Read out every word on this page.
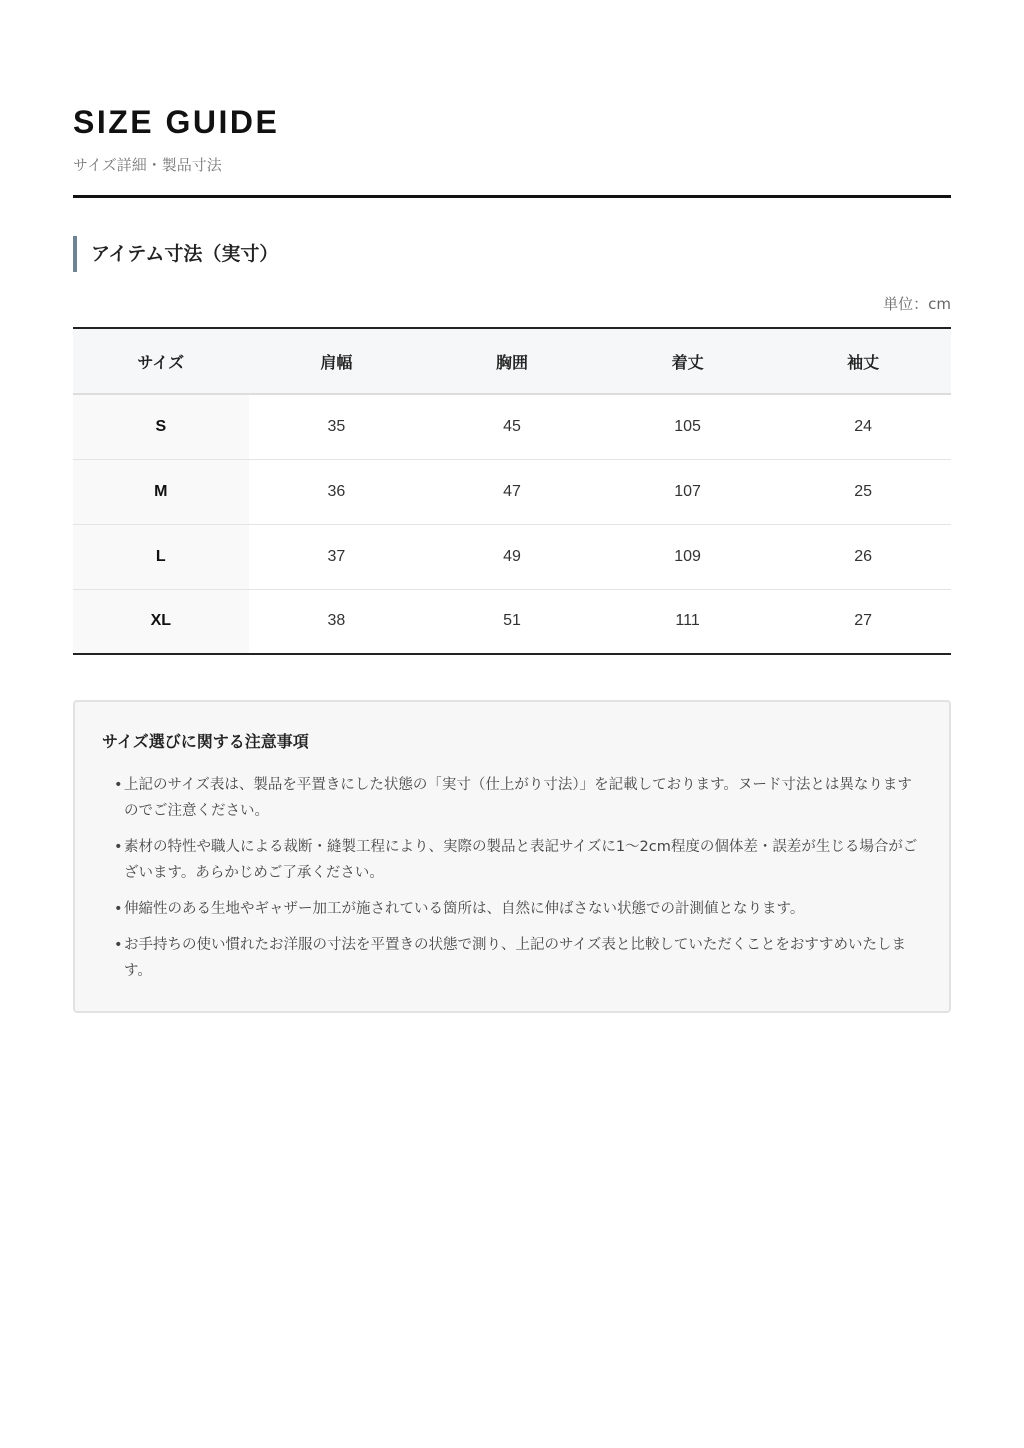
SIZE GUIDE
サイズ詳細・製品寸法
アイテム寸法（実寸）
単位：cm
サイズ	肩幅	胸囲	着丈	袖丈
S	35	45	105	24
M	36	47	107	25
L	37	49	109	26
XL	38	51	111	27
サイズ選びに関する注意事項
• 上記のサイズ表は、製品を平置きにした状態の「実寸（仕上がり寸法）」を記載しております。ヌード寸法とは異なりますのでご注意ください。
• 素材の特性や職人による裁断・縫製工程により、実際の製品と表記サイズに1〜2cm程度の個体差・誤差が生じる場合がございます。あらかじめご了承ください。
• 伸縮性のある生地やギャザー加工が施されている箇所は、自然に伸ばさない状態での計測値となります。
• お手持ちの使い慣れたお洋服の寸法を平置きの状態で測り、上記のサイズ表と比較していただくことをおすすめいたします。
